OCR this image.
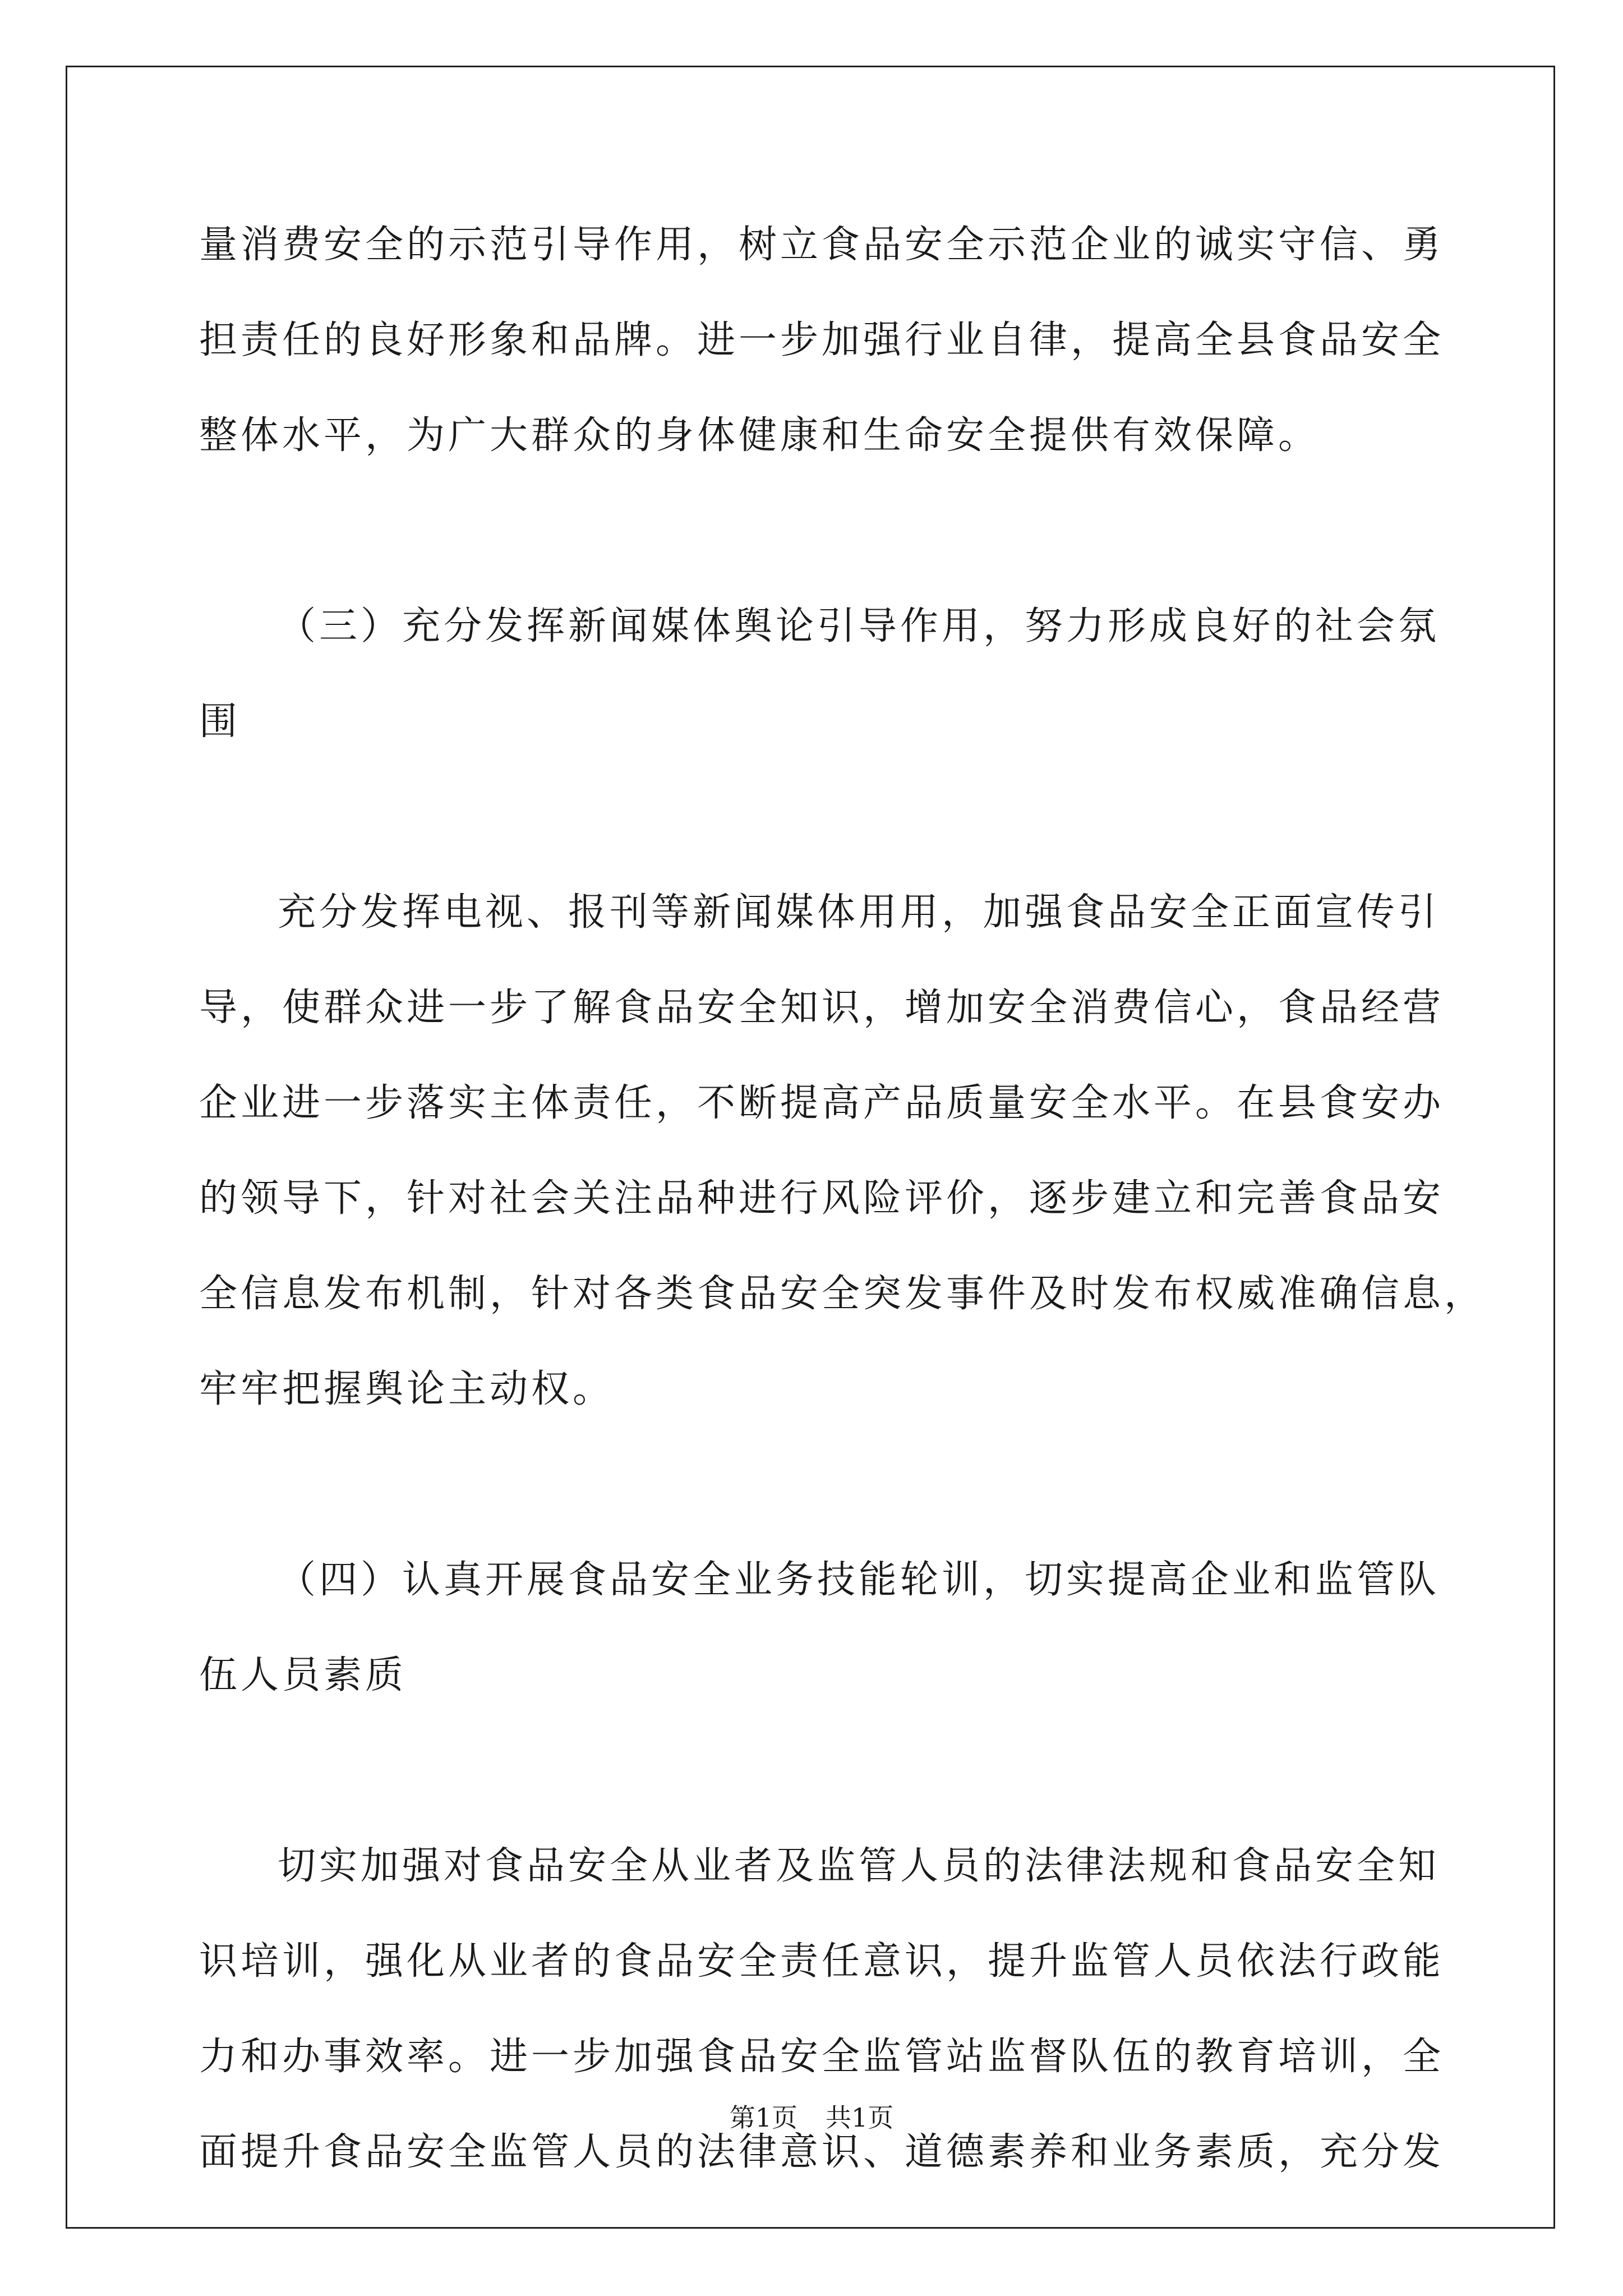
量消费安全的示范引导作用，树立食品安全示范企业的诚实守信、勇
担责任的良好形象和品牌。进一步加强行业自律，提高全县食品安全
整体水平，为广大群众的身体健康和生命安全提供有效保障。
（三）充分发挥新闻媒体舆论引导作用，努力形成良好的社会氛
围
充分发挥电视、报刊等新闻媒体用用，加强食品安全正面宣传引
导，使群众进一步了解食品安全知识，增加安全消费信心，食品经营
企业进一步落实主体责任，不断提高产品质量安全水平。在县食安办
的领导下，针对社会关注品种进行风险评价，逐步建立和完善食品安
全信息发布机制，针对各类食品安全突发事件及时发布权威准确信息，
牢牢把握舆论主动权。
（四）认真开展食品安全业务技能轮训，切实提高企业和监管队
伍人员素质
切实加强对食品安全从业者及监管人员的法律法规和食品安全知
识培训，强化从业者的食品安全责任意识，提升监管人员依法行政能
力和办事效率。进一步加强食品安全监管站监督队伍的教育培训，全
面提升食品安全监管人员的法律意识、道德素养和业务素质，充分发
第1页 共1页
